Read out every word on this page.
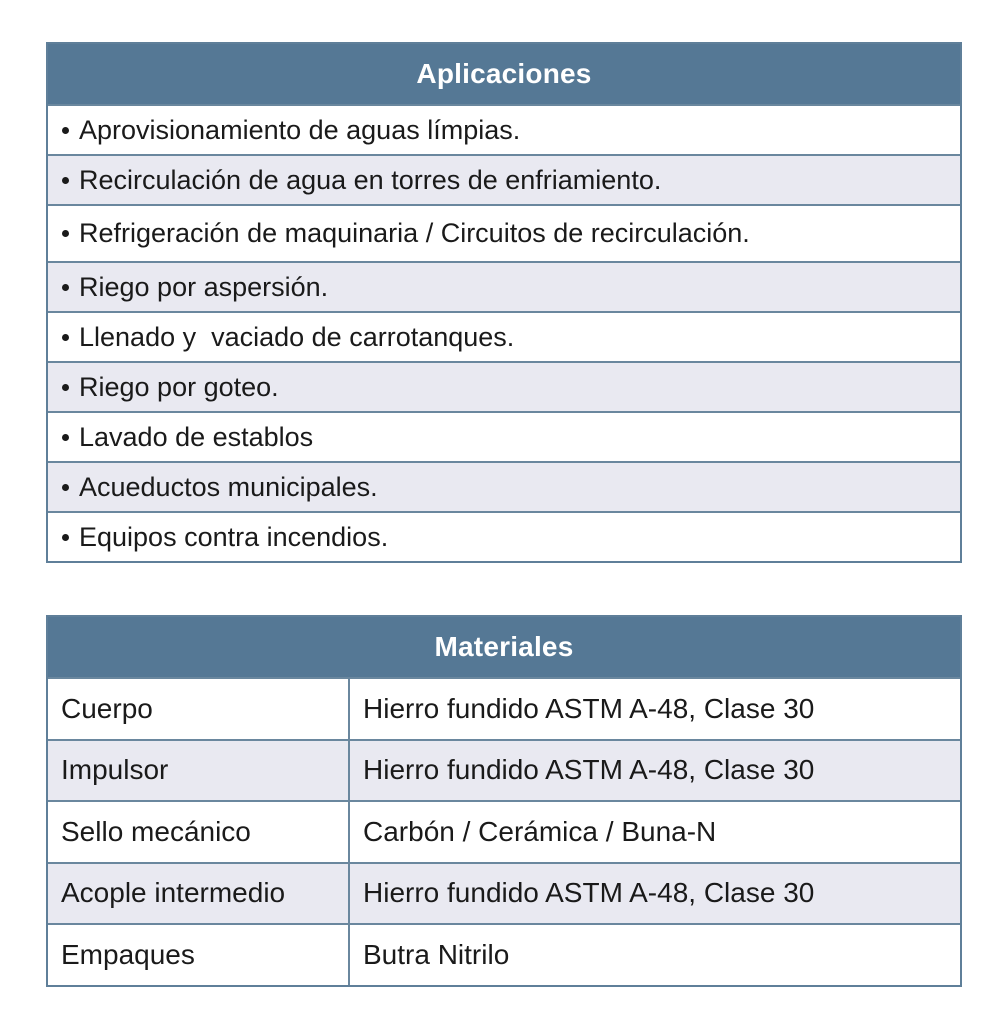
Aplicaciones
Aprovisionamiento de aguas límpias.
Recirculación de agua en torres de enfriamiento.
Refrigeración de maquinaria / Circuitos de recirculación.
Riego por aspersión.
Llenado y  vaciado de carrotanques.
Riego por goteo.
Lavado de establos
Acueductos municipales.
Equipos contra incendios.
Materiales
Cuerpo	Hierro fundido ASTM A-48, Clase 30
Impulsor	Hierro fundido ASTM A-48, Clase 30
Sello mecánico	Carbón / Cerámica / Buna-N
Acople intermedio	Hierro fundido ASTM A-48, Clase 30
Empaques	Butra Nitrilo
